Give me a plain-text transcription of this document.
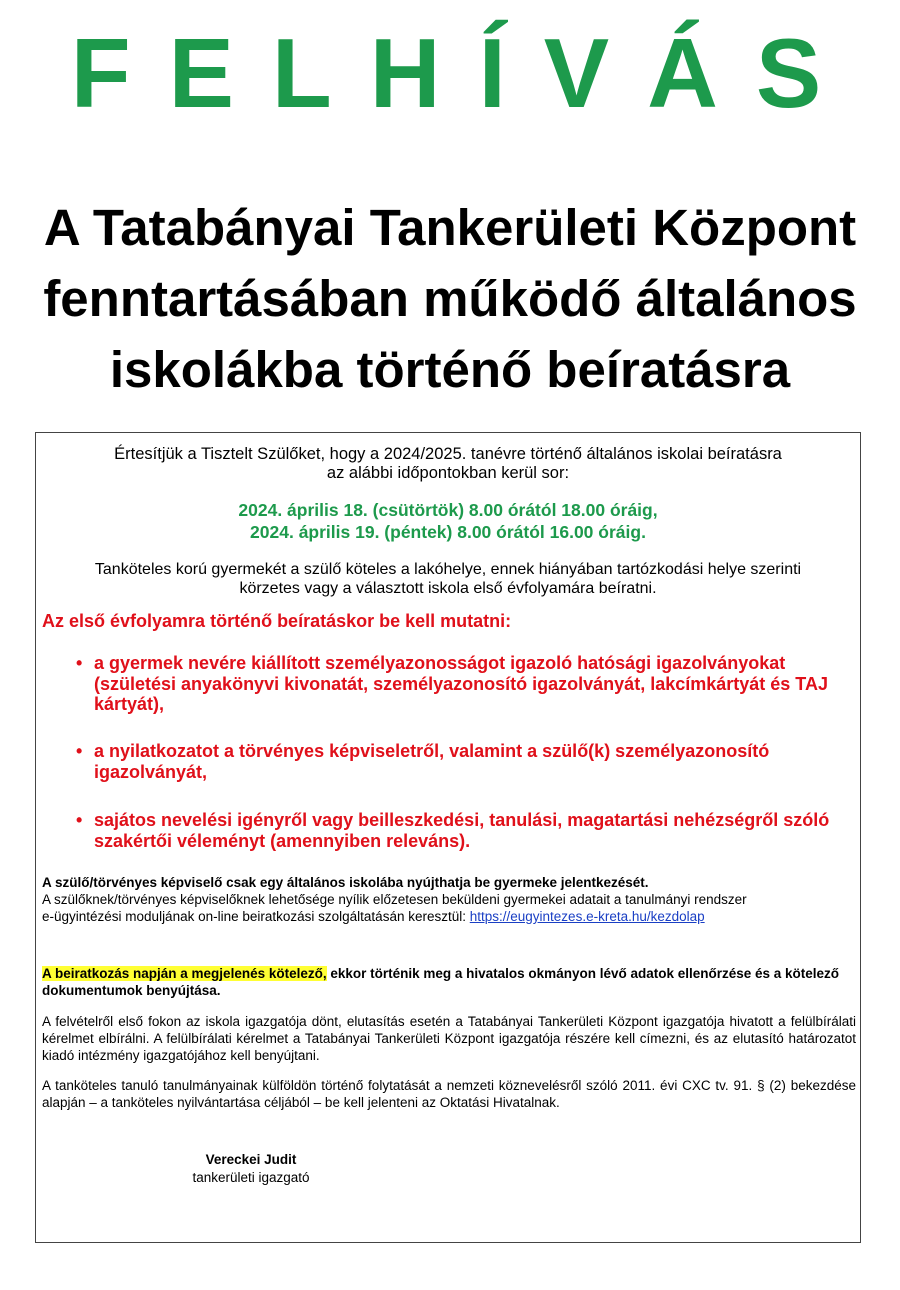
FELHÍVÁS
A Tatabányai Tankerületi Központ
fenntartásában működő általános
iskolákba történő beíratásra
Értesítjük a Tisztelt Szülőket, hogy a 2024/2025. tanévre történő általános iskolai beíratásra
az alábbi időpontokban kerül sor:
2024. április 18. (csütörtök) 8.00 órától 18.00 óráig,
2024. április 19. (péntek) 8.00 órától 16.00 óráig.
Tanköteles korú gyermekét a szülő köteles a lakóhelye, ennek hiányában tartózkodási helye szerinti
körzetes vagy a választott iskola első évfolyamára beíratni.
Az első évfolyamra történő beíratáskor be kell mutatni:
• a gyermek nevére kiállított személyazonosságot igazoló hatósági igazolványokat (születési anyakönyvi kivonatát, személyazonosító igazolványát, lakcímkártyát és TAJ kártyát),
• a nyilatkozatot a törvényes képviseletről, valamint a szülő(k) személyazonosító igazolványát,
• sajátos nevelési igényről vagy beilleszkedési, tanulási, magatartási nehézségről szóló szakértői véleményt (amennyiben releváns).
A szülő/törvényes képviselő csak egy általános iskolába nyújthatja be gyermeke jelentkezését.
A szülőknek/törvényes képviselőknek lehetősége nyílik előzetesen beküldeni gyermekei adatait a tanulmányi rendszer
e-ügyintézési moduljának on-line beiratkozási szolgáltatásán keresztül: https://eugyintezes.e-kreta.hu/kezdolap
A beiratkozás napján a megjelenés kötelező, ekkor történik meg a hivatalos okmányon lévő adatok ellenőrzése és a kötelező dokumentumok benyújtása.
A felvételről első fokon az iskola igazgatója dönt, elutasítás esetén a Tatabányai Tankerületi Központ igazgatója hivatott a felülbírálati kérelmet elbírálni. A felülbírálati kérelmet a Tatabányai Tankerületi Központ igazgatója részére kell címezni, és az elutasító határozatot kiadó intézmény igazgatójához kell benyújtani.
A tanköteles tanuló tanulmányainak külföldön történő folytatását a nemzeti köznevelésről szóló 2011. évi CXC tv. 91. § (2) bekezdése alapján – a tanköteles nyilvántartása céljából – be kell jelenteni az Oktatási Hivatalnak.
Vereckei Judit
tankerületi igazgató
